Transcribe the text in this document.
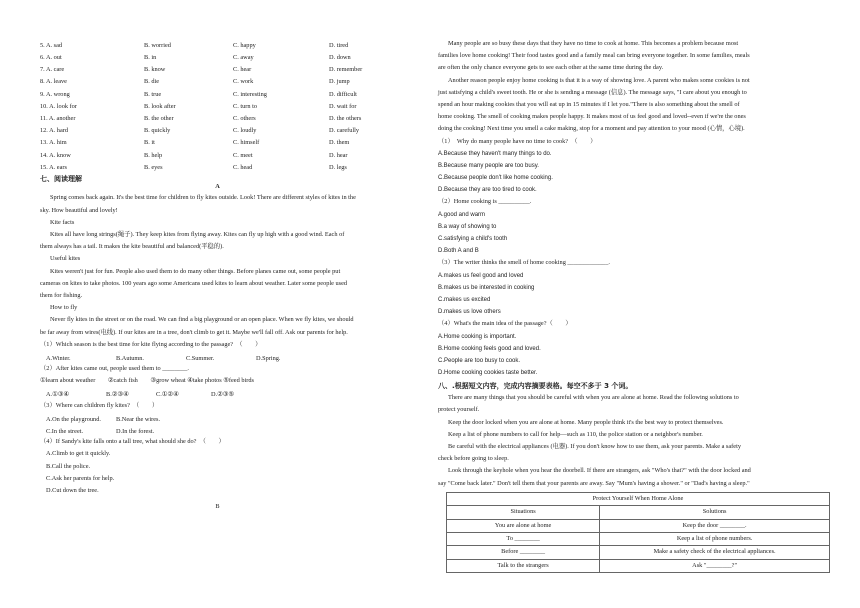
5. A. sad	B. worried	C. happy	D. tired
6. A. out	B. in	C. away	D. down
7. A. care	B. know	C. hear	D. remember
8. A. leave	B. die	C. work	D. jump
9. A. wrong	B. true	C. interesting	D. difficult
10. A. look for	B. look after	C. turn to	D. wait for
11. A. another	B. the other	C. others	D. the others
12. A. hard	B. quickly	C. loudly	D. carefully
13. A. him	B. it	C. himself	D. them
14. A. know	B. help	C. meet	D. hear
15. A. ears	B. eyes	C. head	D. legs
七、阅读理解
A
Spring comes back again. It's the best time for children to fly kites outside. Look! There are different styles of kites in the
sky. How beautiful and lovely!
Kite facts
Kites all have long strings(绳子). They keep kites from flying away. Kites can fly up high with a good wind. Each of
them always has a tail. It makes the kite beautiful and balanced(平稳的).
Useful kites
Kites weren't just for fun. People also used them to do many other things. Before planes came out, some people put
cameras on kites to take photos. 100 years ago some Americans used kites to learn about weather. Later some people used
them for fishing.
How to fly
Never fly kites in the street or on the road. We can find a big playground or an open place. When we fly kites, we should
be far away from wires(电线). If our kites are in a tree, don't climb to get it. Maybe we'll fall off. Ask our parents for help.
（1）Which season is the best time for kite flying according to the passage?　（　　）
A.Winter.	B.Autumn.	C.Summer.	D.Spring.
（2）After kites came out, people used them to ________.
①learn about weather　　②catch fish　　③grow wheat ④take photos ⑤feed birds
A.①③④	B.②③④	C.①②④	D.②③⑤
（3）Where can children fly kites?　（　　）
A.On the playground.	B.Near the wires.
C.In the street.	D.In the forest.
（4）If Sandy's kite falls onto a tall tree, what should she do?　（　　）
A.Climb to get it quickly.
B.Call the police.
C.Ask her parents for help.
D.Cut down the tree.
B
Many people are so busy these days that they have no time to cook at home. This becomes a problem because most
families love home cooking! Their food tastes good and a family meal can bring everyone together. In some families, meals
are often the only chance everyone gets to see each other at the same time during the day.
Another reason people enjoy home cooking is that it is a way of showing love. A parent who makes some cookies is not
just satisfying a child's sweet tooth. He or she is sending a message (信息). The message says, "I care about you enough to
spend an hour making cookies that you will eat up in 15 minutes if I let you."There is also something about the smell of
home cooking. The smell of cooking makes people happy. It makes most of us feel good and loved--even if we're the ones
doing the cooking! Next time you smell a cake making, stop for a moment and pay attention to your mood (心情，心境).
（1）　Why do many people have no time to cook?　（　　）
A.Because they haven't many things to do.
B.Because many people are too busy.
C.Because people don't like home cooking.
D.Because they are too tired to cook.
（2）Home cooking is __________.
A.good and warm
B.a way of showing to
C.satisfying a child's tooth
D.Both A and B
（3）The writer thinks the smell of home cooking _____________.
A.makes us feel good and loved
B.makes us be interested in cooking
C.makes us excited
D.makes us love others
（4）What's the main idea of the passage?（　　）
A.Home cooking is important.
B.Home cooking feels good and loved.
C.People are too busy to cook.
D.Home cooking cookies taste better.
八、.根据短文内容，完成内容摘要表格。每空不多于 3 个词。
There are many things that you should be careful with when you are alone at home. Read the following solutions to
protect yourself.
Keep the door locked when you are alone at home. Many people think it's the best way to protect themselves.
Keep a list of phone numbers to call for help—such as 110, the police station or a neighbor's number.
Be careful with the electrical appliances (电器). If you don't know how to use them, ask your parents. Make a safety
check before going to sleep.
Look through the keyhole when you hear the doorbell. If there are strangers, ask "Who's that?" with the door locked and
say "Come back later." Don't tell them that your parents are away. Say "Mum's having a shower." or "Dad's having a sleep."
Protect Yourself When Home Alone	
Situations	Solutions
You are alone at home	Keep the door ________.
To ________	Keep a list of phone numbers.
Before ________	Make a safety check of the electrical appliances.
Talk to the strangers	Ask "________?"
